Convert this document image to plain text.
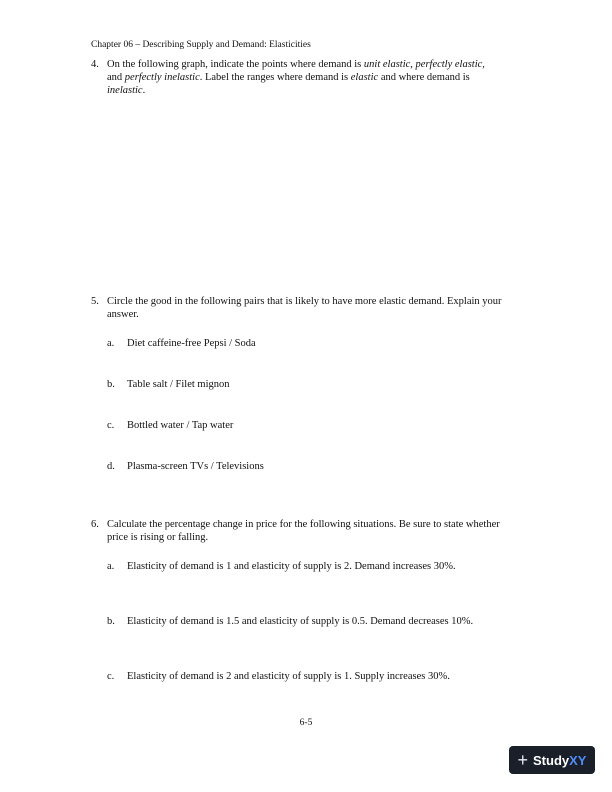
Chapter 06 – Describing Supply and Demand: Elasticities
4. On the following graph, indicate the points where demand is unit elastic, perfectly elastic,
and perfectly inelastic. Label the ranges where demand is elastic and where demand is
inelastic.
5. Circle the good in the following pairs that is likely to have more elastic demand. Explain your
answer.
a.	Diet caffeine-free Pepsi / Soda
b.	Table salt / Filet mignon
c.	Bottled water / Tap water
d.	Plasma-screen TVs / Televisions
6. Calculate the percentage change in price for the following situations. Be sure to state whether
price is rising or falling.
a.	Elasticity of demand is 1 and elasticity of supply is 2. Demand increases 30%.
b.	Elasticity of demand is 1.5 and elasticity of supply is 0.5. Demand decreases 10%.
c.	Elasticity of demand is 2 and elasticity of supply is 1. Supply increases 30%.
6-5
+ StudyXY
